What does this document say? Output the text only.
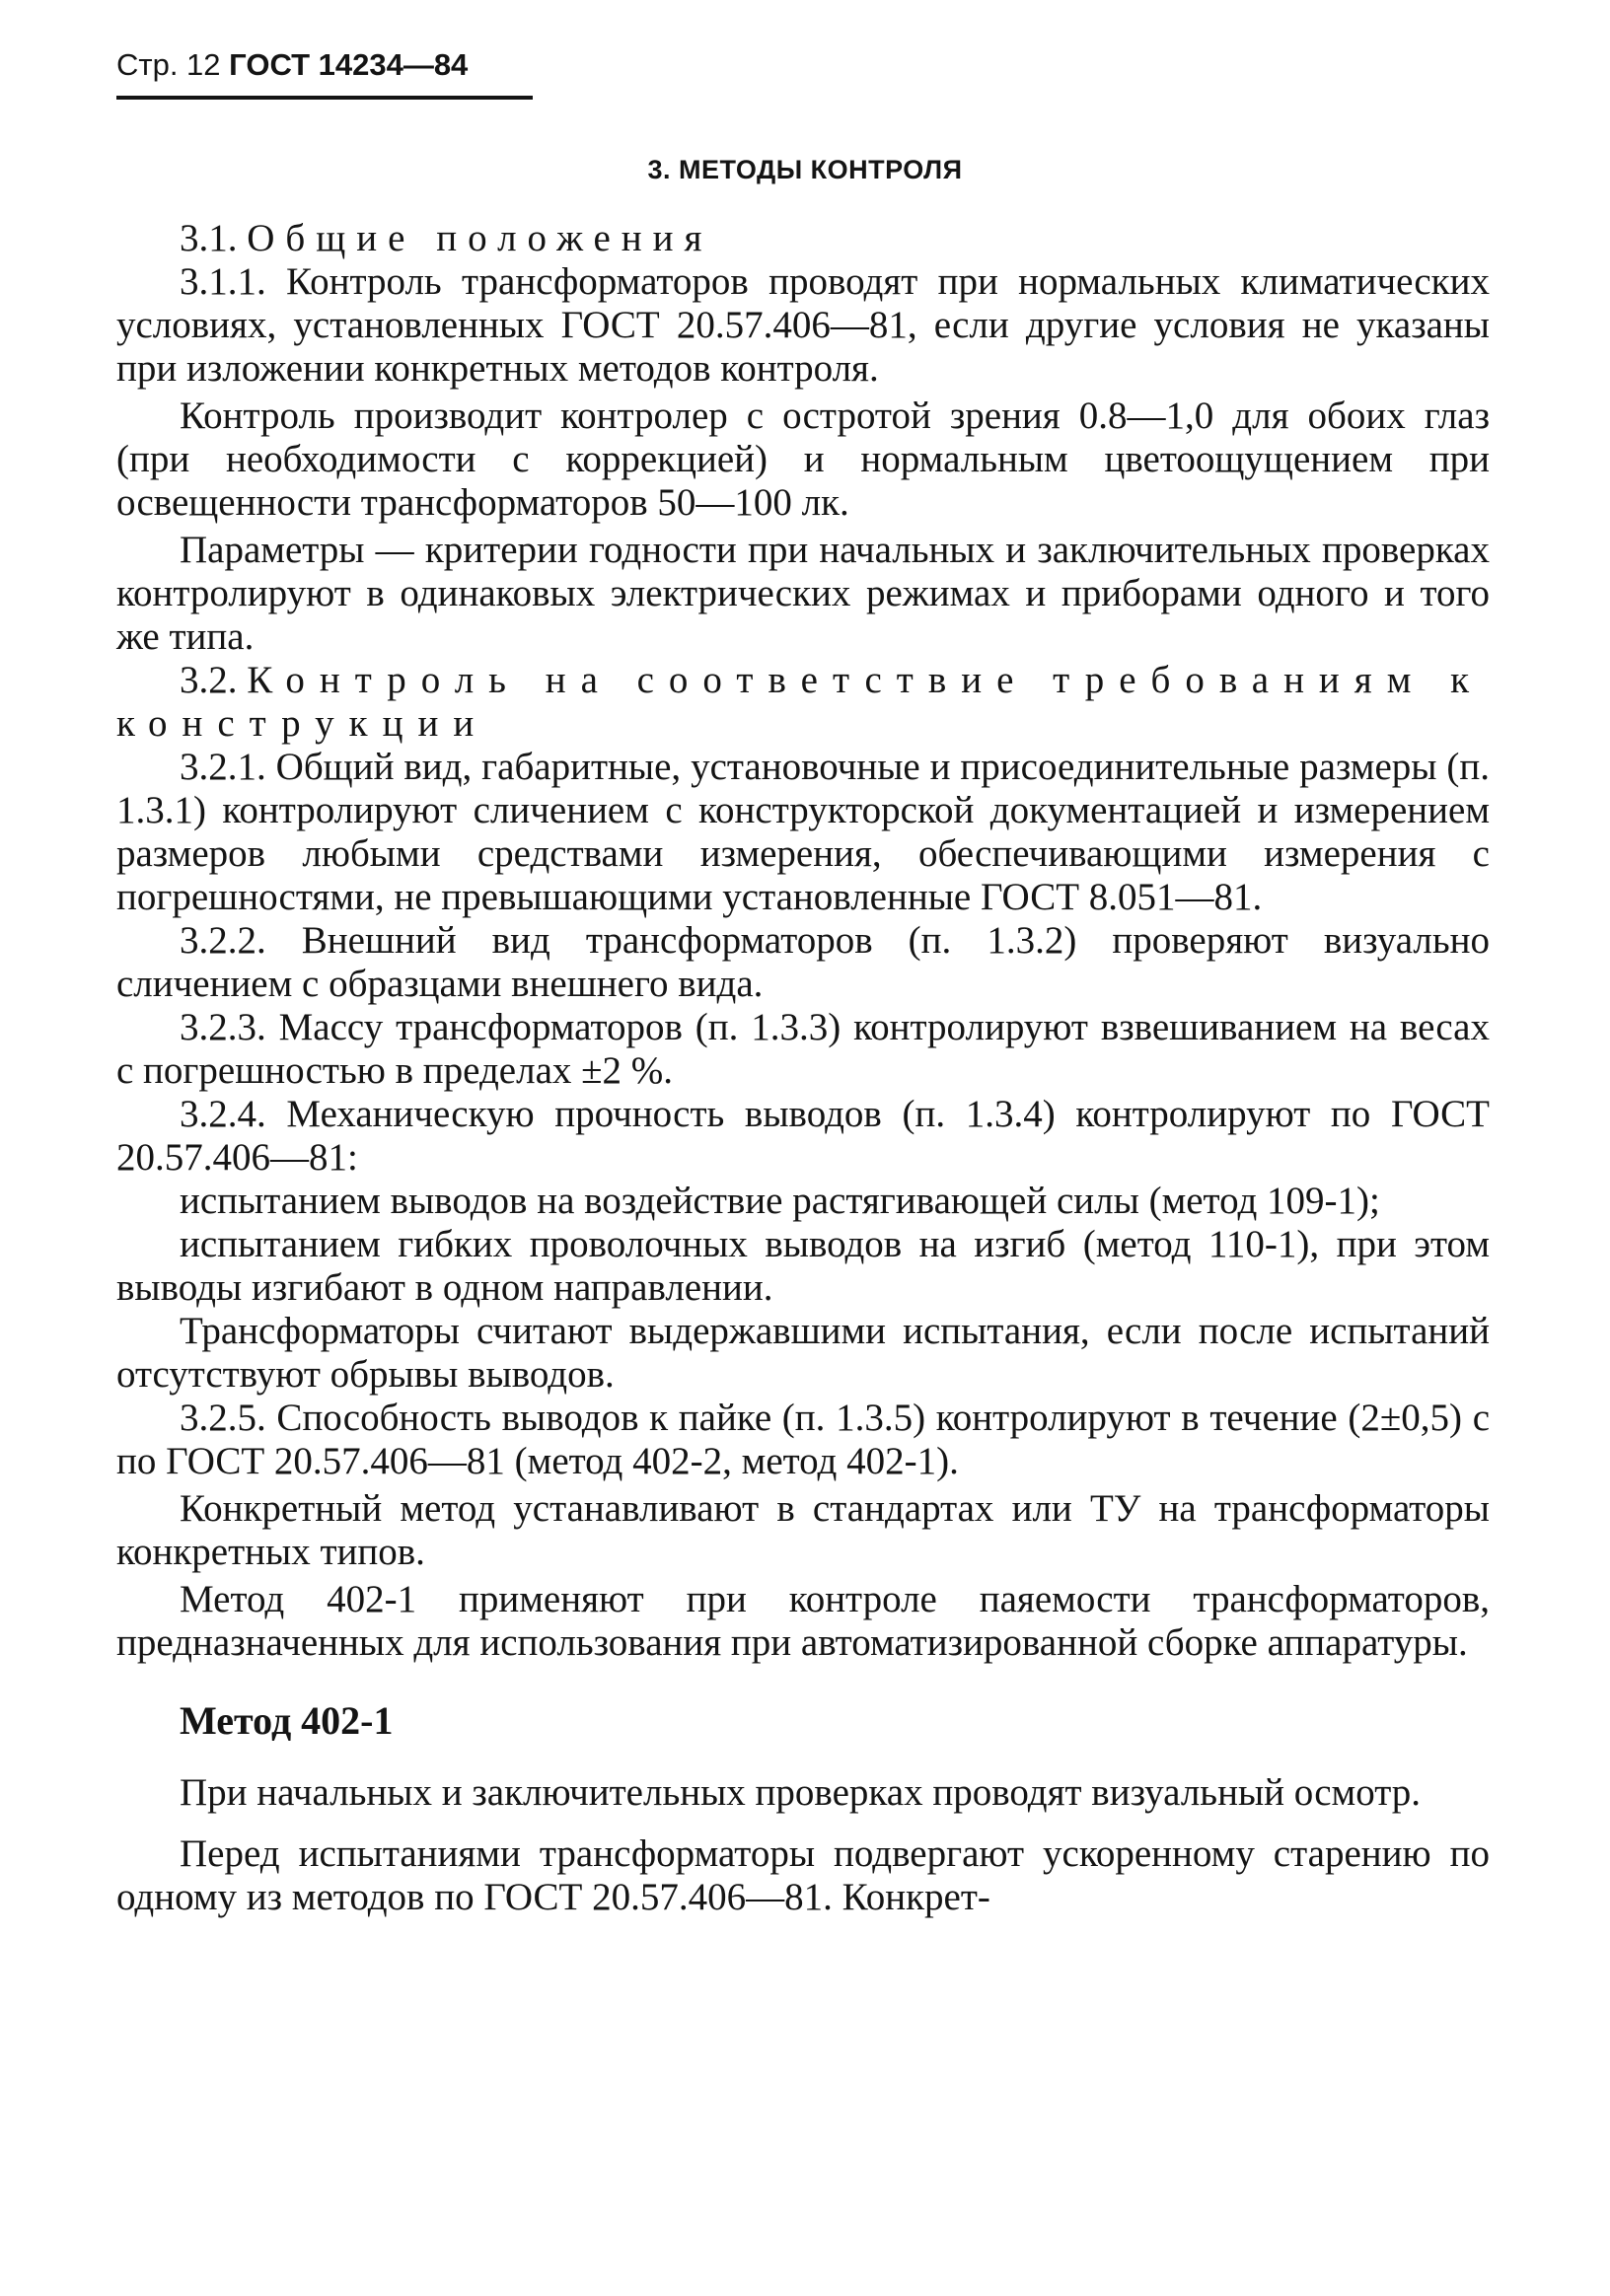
Стр. 12 ГОСТ 14234—84
3. МЕТОДЫ КОНТРОЛЯ

3.1. Общие положения

3.1.1. Контроль трансформаторов проводят при нормальных климатических условиях, установленных ГОСТ 20.57.406—81, если другие условия не указаны при изложении конкретных методов контроля.

Контроль производит контролер с остротой зрения 0.8—1,0 для обоих глаз (при необходимости с коррекцией) и нормальным цветоощущением при освещенности трансформаторов 50—100 лк.

Параметры — критерии годности при начальных и заключительных проверках контролируют в одинаковых электрических режимах и приборами одного и того же типа.

3.2. Контроль на соответствие требованиям к конструкции

3.2.1. Общий вид, габаритные, установочные и присоединительные размеры (п. 1.3.1) контролируют сличением с конструкторской документацией и измерением размеров любыми средствами измерения, обеспечивающими измерения с погрешностями, не превышающими установленные ГОСТ 8.051—81.

3.2.2. Внешний вид трансформаторов (п. 1.3.2) проверяют визуально сличением с образцами внешнего вида.

3.2.3. Массу трансформаторов (п. 1.3.3) контролируют взвешиванием на весах с погрешностью в пределах ±2 %.

3.2.4. Механическую прочность выводов (п. 1.3.4) контролируют по ГОСТ 20.57.406—81:

испытанием выводов на воздействие растягивающей силы (метод 109-1);

испытанием гибких проволочных выводов на изгиб (метод 110-1), при этом выводы изгибают в одном направлении.

Трансформаторы считают выдержавшими испытания, если после испытаний отсутствуют обрывы выводов.

3.2.5. Способность выводов к пайке (п. 1.3.5) контролируют в течение (2±0,5) с по ГОСТ 20.57.406—81 (метод 402-2, метод 402-1).

Конкретный метод устанавливают в стандартах или ТУ на трансформаторы конкретных типов.

Метод 402-1 применяют при контроле паяемости трансформаторов, предназначенных для использования при автоматизированной сборке аппаратуры.

Метод 402-1

При начальных и заключительных проверках проводят визуальный осмотр.

Перед испытаниями трансформаторы подвергают ускоренному старению по одному из методов по ГОСТ 20.57.406—81. Конкрет-
